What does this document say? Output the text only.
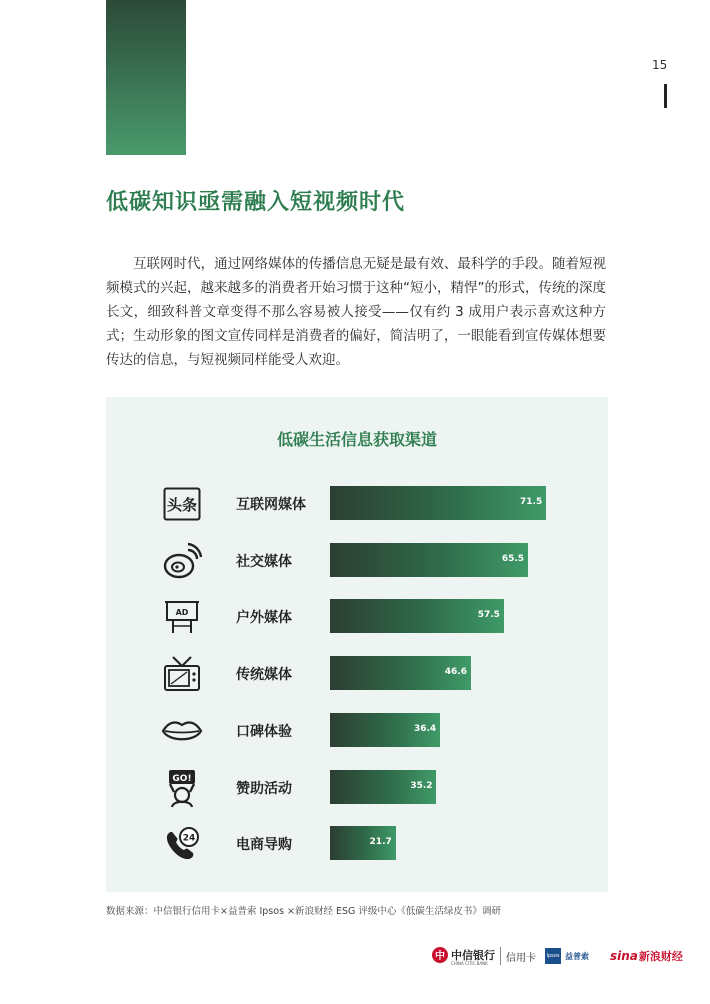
15
低碳知识亟需融入短视频时代
互联网时代，通过网络媒体的传播信息无疑是最有效、最科学的手段。随着短视频模式的兴起，越来越多的消费者开始习惯于这种“短小，精悍”的形式，传统的深度长文，细致科普文章变得不那么容易被人接受——仅有约 3 成用户表示喜欢这种方式；生动形象的图文宣传同样是消费者的偏好，简洁明了，一眼能看到宣传媒体想要传达的信息，与短视频同样能受人欢迎。
低碳生活信息获取渠道
头条	互联网媒体	71.5
社交媒体	65.5
AD	户外媒体	57.5
传统媒体	46.6
口碑体验	36.4
GO!
赞助活动	35.2
24	电商导购	21.7
数据来源：中信银行信用卡×益普索 Ipsos ×新浪财经 ESG 评级中心《低碳生活绿皮书》调研
中 中信银行
CHINA CITIC BANK	信用卡	Ipsos 益普索 sina 新浪财经
